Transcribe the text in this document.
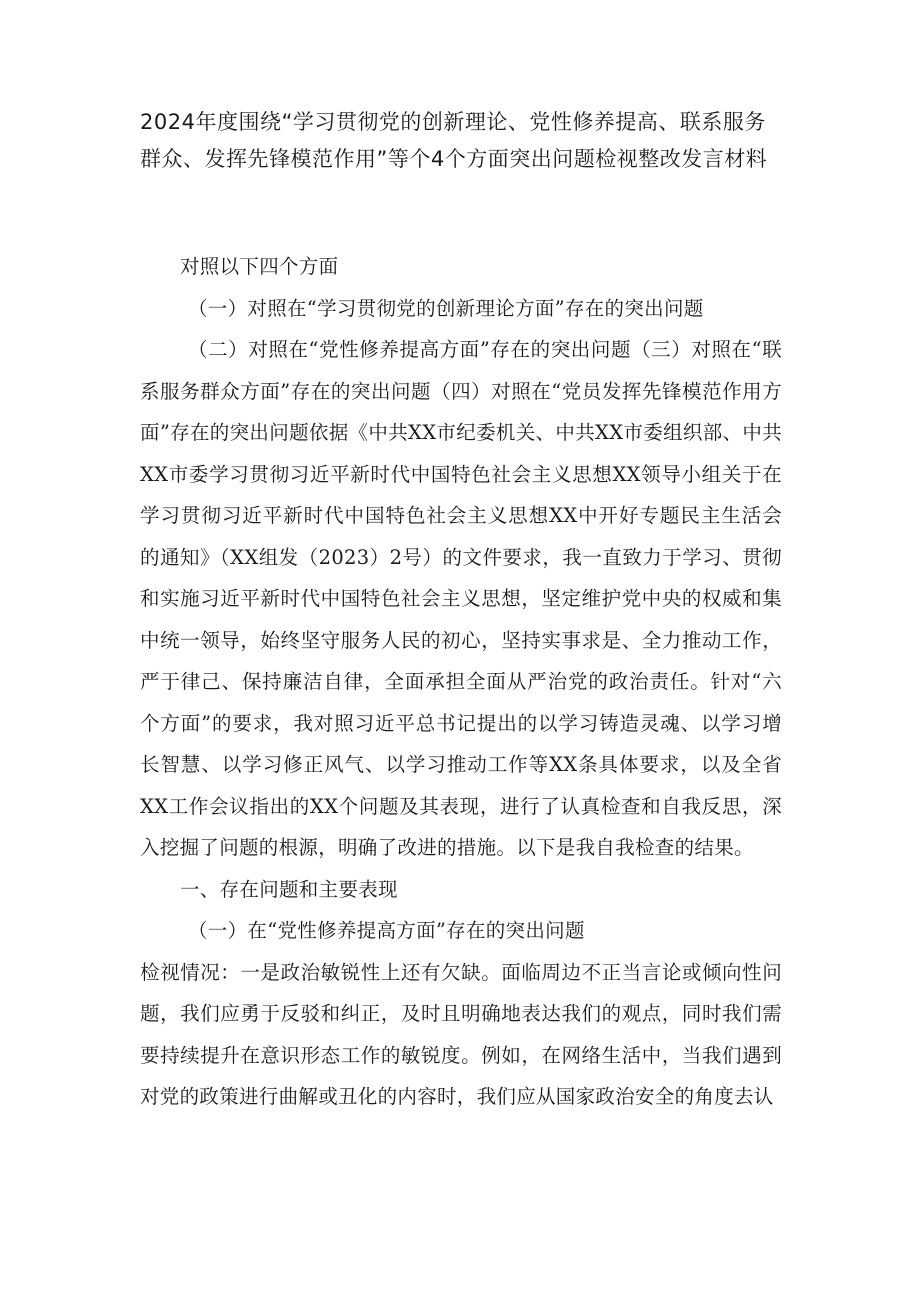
2024年度围绕“学习贯彻党的创新理论、党性修养提高、联系服务群众、发挥先锋模范作用”等个4个方面突出问题检视整改发言材料

对照以下四个方面

（一）对照在“学习贯彻党的创新理论方面”存在的突出问题

（二）对照在“党性修养提高方面”存在的突出问题（三）对照在“联系服务群众方面”存在的突出问题（四）对照在“党员发挥先锋模范作用方面”存在的突出问题依据《中共XX市纪委机关、中共XX市委组织部、中共XX市委学习贯彻习近平新时代中国特色社会主义思想XX领导小组关于在学习贯彻习近平新时代中国特色社会主义思想XX中开好专题民主生活会的通知》（XX组发（2023）2号）的文件要求，我一直致力于学习、贯彻和实施习近平新时代中国特色社会主义思想，坚定维护党中央的权威和集中统一领导，始终坚守服务人民的初心，坚持实事求是、全力推动工作，严于律己、保持廉洁自律，全面承担全面从严治党的政治责任。针对“六个方面”的要求，我对照习近平总书记提出的以学习铸造灵魂、以学习增长智慧、以学习修正风气、以学习推动工作等XX条具体要求，以及全省XX工作会议指出的XX个问题及其表现，进行了认真检查和自我反思，深入挖掘了问题的根源，明确了改进的措施。以下是我自我检查的结果。

一、存在问题和主要表现

（一）在“党性修养提高方面”存在的突出问题

检视情况：一是政治敏锐性上还有欠缺。面临周边不正当言论或倾向性问题，我们应勇于反驳和纠正，及时且明确地表达我们的观点，同时我们需要持续提升在意识形态工作的敏锐度。例如，在网络生活中，当我们遇到对党的政策进行曲解或丑化的内容时，我们应从国家政治安全的角度去认
